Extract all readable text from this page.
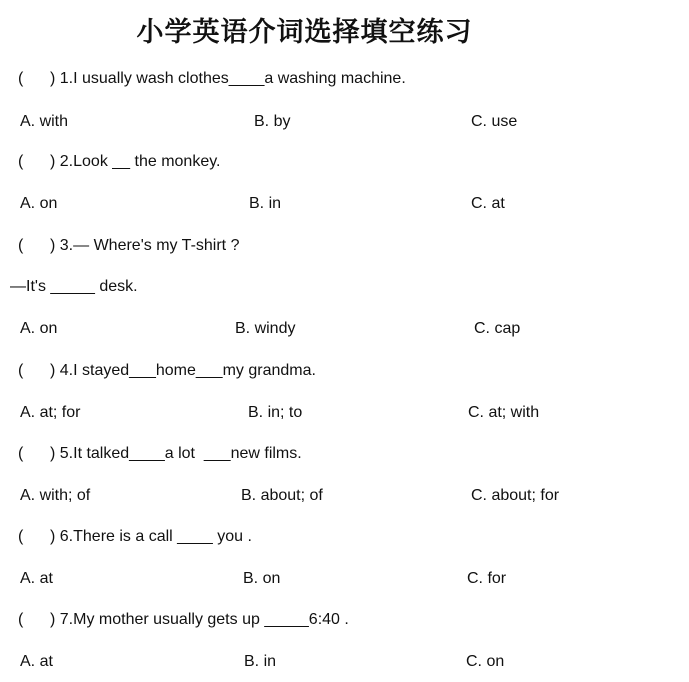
小学英语介词选择填空练习
(      ) 1.I usually wash clothes____a washing machine.
A. with	B. by	C. use
(      ) 2.Look __ the monkey.
A. on	B. in	C. at
(      ) 3.— Where's my T-shirt ?
—It's _____ desk.
A. on	B. windy	C. cap
(      ) 4.I stayed___home___my grandma.
A. at; for	B. in; to	C. at; with
(      ) 5.It talked____a lot  ___new films.
A. with; of	B. about; of	C. about; for
(      ) 6.There is a call ____ you .
A. at	B. on	C. for
(      ) 7.My mother usually gets up _____6:40 .
A. at	B. in	C. on
